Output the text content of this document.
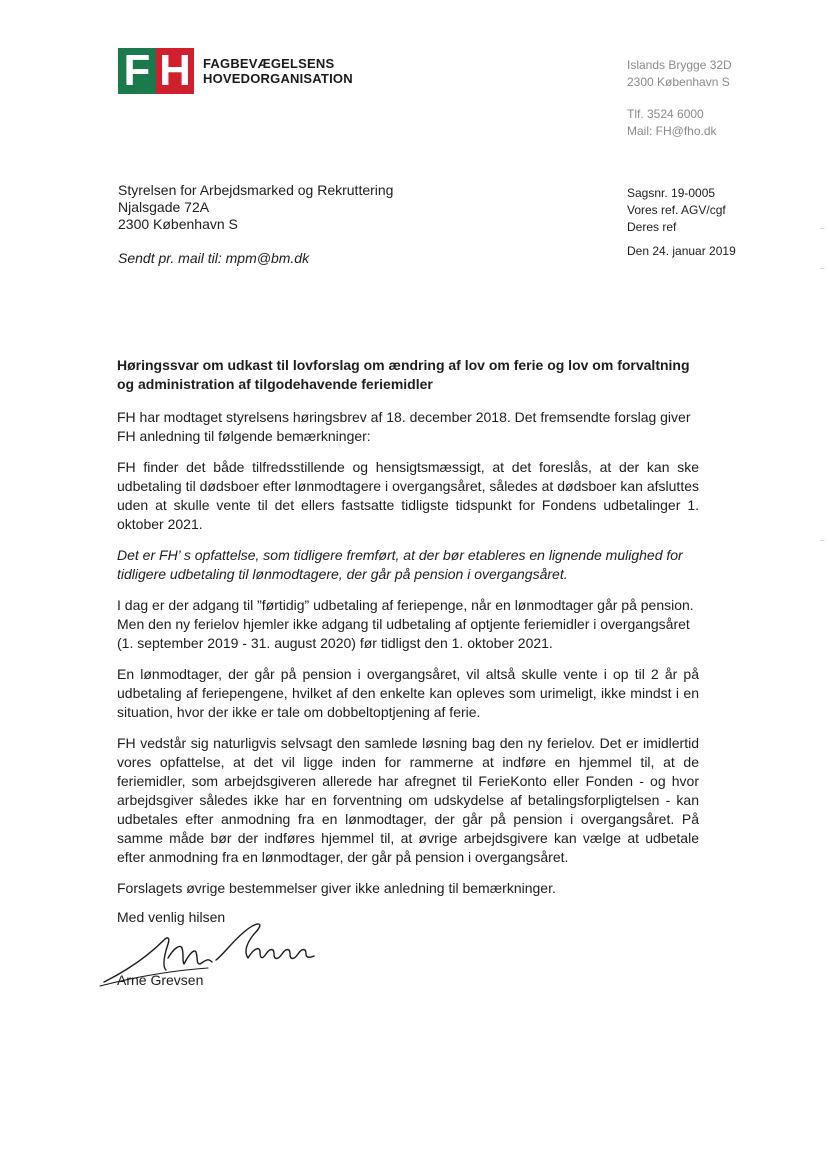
F H FAGBEVÆGELSENS
HOVEDORGANISATION
Islands Brygge 32D
2300 København S
Tlf. 3524 6000
Mail: FH@fho.dk
Styrelsen for Arbejdsmarked og Rekruttering
Njalsgade 72A
2300 København S
Sendt pr. mail til: mpm@bm.dk
Sagsnr. 19-0005
Vores ref. AGV/cgf
Deres ref
Den 24. januar 2019
Høringssvar om udkast til lovforslag om ændring af lov om ferie og lov om forvaltning og administration af tilgodehavende feriemidler

FH har modtaget styrelsens høringsbrev af 18. december 2018. Det fremsendte forslag giver FH anledning til følgende bemærkninger:

FH finder det både tilfredsstillende og hensigtsmæssigt, at det foreslås, at der kan ske udbetaling til dødsboer efter lønmodtagere i overgangsåret, således at dødsboer kan afsluttes uden at skulle vente til det ellers fastsatte tidligste tidspunkt for Fondens udbetalinger 1. oktober 2021.

Det er FH’ s opfattelse, som tidligere fremført, at der bør etableres en lignende mulighed for tidligere udbetaling til lønmodtagere, der går på pension i overgangsåret.

I dag er der adgang til ”førtidig” udbetaling af feriepenge, når en lønmodtager går på pension. Men den ny ferielov hjemler ikke adgang til udbetaling af optjente feriemidler i overgangsåret (1. september 2019 - 31. august 2020) før tidligst den 1. oktober 2021.

En lønmodtager, der går på pension i overgangsåret, vil altså skulle vente i op til 2 år på udbetaling af feriepengene, hvilket af den enkelte kan opleves som urimeligt, ikke mindst i en situation, hvor der ikke er tale om dobbeltoptjening af ferie.

FH vedstår sig naturligvis selvsagt den samlede løsning bag den ny ferielov. Det er imidlertid vores opfattelse, at det vil ligge inden for rammerne at indføre en hjemmel til, at de feriemidler, som arbejdsgiveren allerede har afregnet til FerieKonto eller Fonden - og hvor arbejdsgiver således ikke har en forventning om udskydelse af betalingsforpligtelsen - kan udbetales efter anmodning fra en lønmodtager, der går på pension i overgangsåret. På samme måde bør der indføres hjemmel til, at øvrige arbejdsgivere kan vælge at udbetale efter anmodning fra en lønmodtager, der går på pension i overgangsåret.

Forslagets øvrige bestemmelser giver ikke anledning til bemærkninger.

Med venlig hilsen
Arne Grevsen
